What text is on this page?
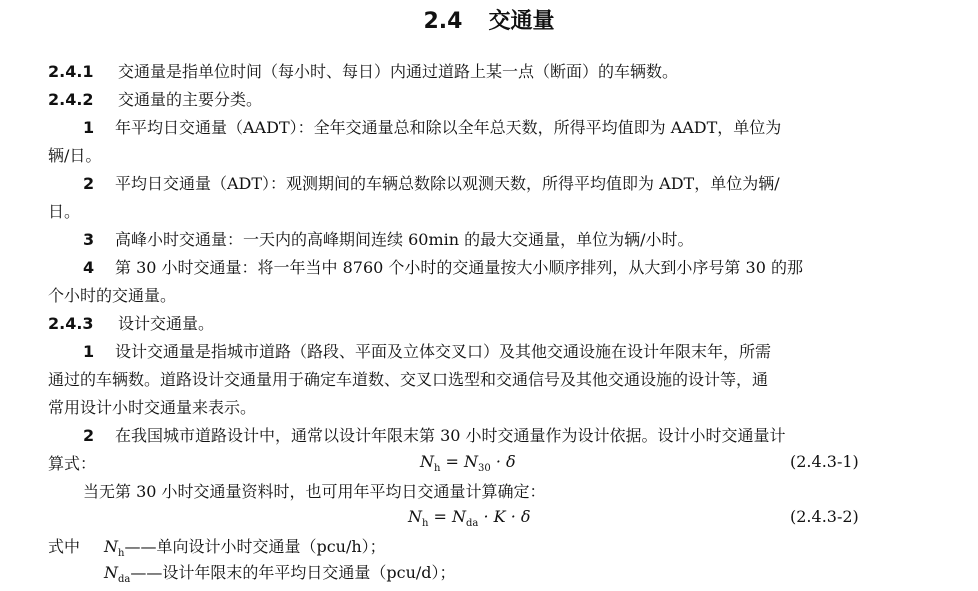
2.4 交通量
2.4.1 交通量是指单位时间（每小时、每日）内通过道路上某一点（断面）的车辆数。
2.4.2 交通量的主要分类。
1 年平均日交通量（AADT）：全年交通量总和除以全年总天数，所得平均值即为 AADT，单位为
辆/日。
2 平均日交通量（ADT）：观测期间的车辆总数除以观测天数，所得平均值即为 ADT，单位为辆/
日。
3 高峰小时交通量：一天内的高峰期间连续 60min 的最大交通量，单位为辆/小时。
4 第 30 小时交通量：将一年当中 8760 个小时的交通量按大小顺序排列，从大到小序号第 30 的那
个小时的交通量。
2.4.3 设计交通量。
1 设计交通量是指城市道路（路段、平面及立体交叉口）及其他交通设施在设计年限末年，所需
通过的车辆数。道路设计交通量用于确定车道数、交叉口选型和交通信号及其他交通设施的设计等，通
常用设计小时交通量来表示。
2 在我国城市道路设计中，通常以设计年限末第 30 小时交通量作为设计依据。设计小时交通量计
算式：	$N_h = N_{30} \cdot \delta$	(2.4.3-1)
当无第 30 小时交通量资料时，也可用年平均日交通量计算确定：
$N_h = N_{da} \cdot K \cdot \delta$	(2.4.3-2)
式中 $N_h——$单向设计小时交通量（pcu/h）；
$N_{da}——$设计年限末的年平均日交通量（pcu/d）；
